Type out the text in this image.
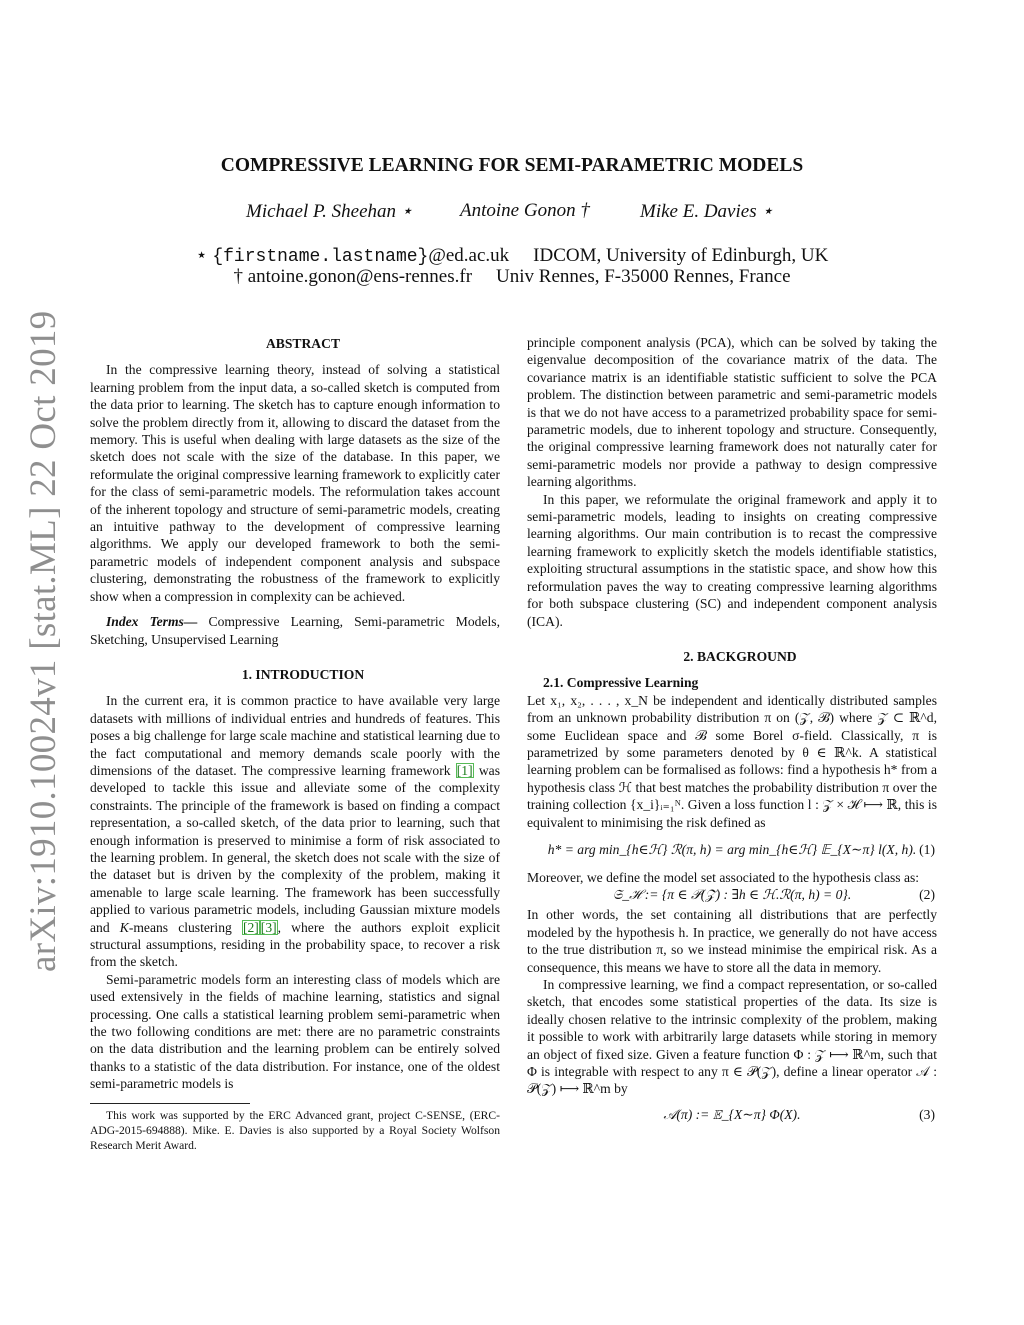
arXiv:1910.10024v1 [stat.ML] 22 Oct 2019
COMPRESSIVE LEARNING FOR SEMI-PARAMETRIC MODELS
Michael P. Sheehan ⋆ Antoine Gonon †	Mike E. Davies ⋆
⋆ {firstname.lastname}@ed.ac.uk IDCOM, University of Edinburgh, UK
† antoine.gonon@ens-rennes.fr Univ Rennes, F-35000 Rennes, France

ABSTRACT

In the compressive learning theory, instead of solving a statistical learning problem from the input data, a so-called sketch is computed from the data prior to learning. The sketch has to capture enough information to solve the problem directly from it, allowing to discard the dataset from the memory. This is useful when dealing with large datasets as the size of the sketch does not scale with the size of the database. In this paper, we reformulate the original compressive learning framework to explicitly cater for the class of semi-parametric models. The reformulation takes account of the inherent topology and structure of semi-parametric models, creating an intuitive pathway to the development of compressive learning algorithms. We apply our developed framework to both the semi-parametric models of independent component analysis and subspace clustering, demonstrating the robustness of the framework to explicitly show when a compression in complexity can be achieved.

Index Terms— Compressive Learning, Semi-parametric Models, Sketching, Unsupervised Learning

1. INTRODUCTION

In the current era, it is common practice to have available very large datasets with millions of individual entries and hundreds of features. This poses a big challenge for large scale machine and statistical learning due to the fact computational and memory demands scale poorly with the dimensions of the dataset. The compressive learning framework [1] was developed to tackle this issue and alleviate some of the complexity constraints. The principle of the framework is based on finding a compact representation, a so-called sketch, of the data prior to learning, such that enough information is preserved to minimise a form of risk associated to the learning problem. In general, the sketch does not scale with the size of the dataset but is driven by the complexity of the problem, making it amenable to large scale learning. The framework has been successfully applied to various parametric models, including Gaussian mixture models and K-means clustering [2] [3], where the authors exploit explicit structural assumptions, residing in the probability space, to recover a risk from the sketch.

Semi-parametric models form an interesting class of models which are used extensively in the fields of machine learning, statistics and signal processing. One calls a statistical learning problem semi-parametric when the two following conditions are met: there are no parametric constraints on the data distribution and the learning problem can be entirely solved thanks to a statistic of the data distribution. For instance, one of the oldest semi-parametric models is

This work was supported by the ERC Advanced grant, project C-SENSE, (ERC-ADG-2015-694888). Mike. E. Davies is also supported by a Royal Society Wolfson Research Merit Award.

principle component analysis (PCA), which can be solved by taking the eigenvalue decomposition of the covariance matrix of the data. The covariance matrix is an identifiable statistic sufficient to solve the PCA problem. The distinction between parametric and semi-parametric models is that we do not have access to a parametrized probability space for semi-parametric models, due to inherent topology and structure. Consequently, the original compressive learning framework does not naturally cater for semi-parametric models nor provide a pathway to design compressive learning algorithms.

In this paper, we reformulate the original framework and apply it to semi-parametric models, leading to insights on creating compressive learning algorithms. Our main contribution is to recast the compressive learning framework to explicitly sketch the models identifiable statistics, exploiting structural assumptions in the statistic space, and show how this reformulation paves the way to creating compressive learning algorithms for both subspace clustering (SC) and independent component analysis (ICA).

2. BACKGROUND

2.1. Compressive Learning

Let x₁, x₂, . . . , x_N be independent and identically distributed samples from an unknown probability distribution π on (𝒵, ℬ) where 𝒵 ⊂ ℝ^d, some Euclidean space and ℬ some Borel σ-field. Classically, π is parametrized by some parameters denoted by θ ∈ ℝ^k. A statistical learning problem can be formalised as follows: find a hypothesis h* from a hypothesis class ℋ that best matches the probability distribution π over the training collection {x_i}ᵢ₌₁ᴺ. Given a loss function l : 𝒵 × ℋ ⟼ ℝ, this is equivalent to minimising the risk defined as

h* = arg min_{h∈ℋ} ℛ(π, h) = arg min_{h∈ℋ} 𝔼_{X∼π} l(X, h). (1)

Moreover, we define the model set associated to the hypothesis class as:

𝔖_ℋ := {π ∈ 𝒫(𝒵) : ∃h ∈ ℋ.ℛ(π, h) = 0}.	(2)

In other words, the set containing all distributions that are perfectly modeled by the hypothesis h. In practice, we generally do not have access to the true distribution π, so we instead minimise the empirical risk. As a consequence, this means we have to store all the data in memory.

In compressive learning, we find a compact representation, or so-called sketch, that encodes some statistical properties of the data. Its size is ideally chosen relative to the intrinsic complexity of the problem, making it possible to work with arbitrarily large datasets while storing in memory an object of fixed size. Given a feature function Φ : 𝒵 ⟼ ℝ^m, such that Φ is integrable with respect to any π ∈ 𝒫(𝒵), define a linear operator 𝒜 : 𝒫(𝒵) ⟼ ℝ^m by

𝒜(π) := 𝔼_{X∼π} Φ(X).	(3)
